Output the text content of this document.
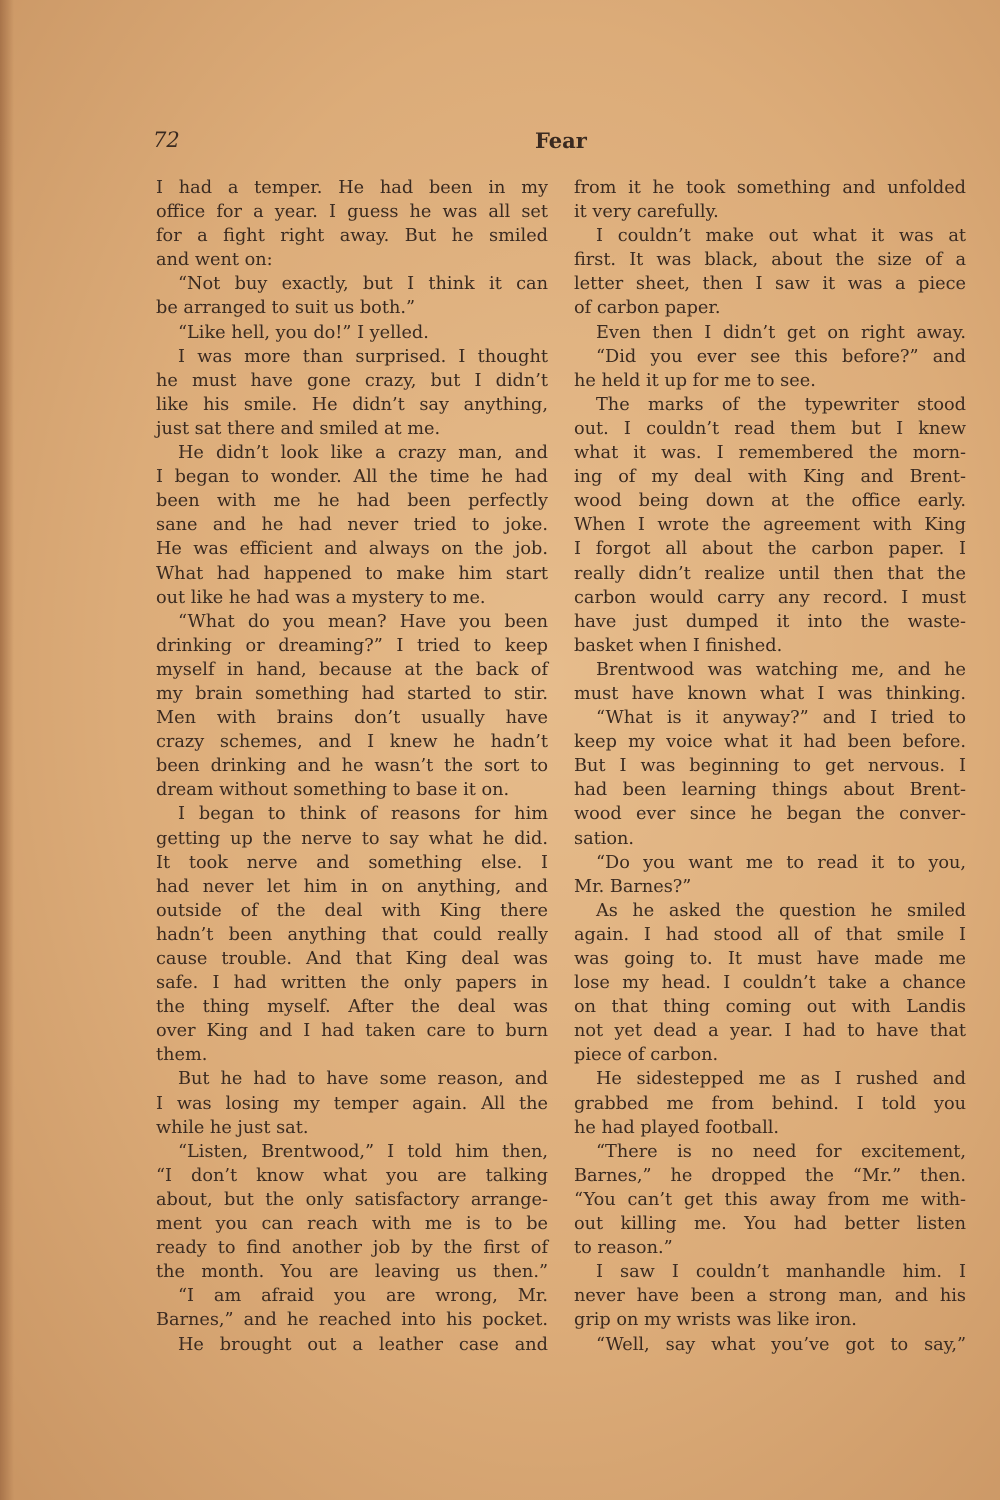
72	Fear
I had a temper. He had been in my
office for a year. I guess he was all set
for a fight right away. But he smiled
and went on:
“Not buy exactly, but I think it can
be arranged to suit us both.”
“Like hell, you do!” I yelled.
I was more than surprised. I thought
he must have gone crazy, but I didn’t
like his smile. He didn’t say anything,
just sat there and smiled at me.
He didn’t look like a crazy man, and
I began to wonder. All the time he had
been with me he had been perfectly
sane and he had never tried to joke.
He was efficient and always on the job.
What had happened to make him start
out like he had was a mystery to me.
“What do you mean? Have you been
drinking or dreaming?” I tried to keep
myself in hand, because at the back of
my brain something had started to stir.
Men with brains don’t usually have
crazy schemes, and I knew he hadn’t
been drinking and he wasn’t the sort to
dream without something to base it on.
I began to think of reasons for him
getting up the nerve to say what he did.
It took nerve and something else. I
had never let him in on anything, and
outside of the deal with King there
hadn’t been anything that could really
cause trouble. And that King deal was
safe. I had written the only papers in
the thing myself. After the deal was
over King and I had taken care to burn
them.
But he had to have some reason, and
I was losing my temper again. All the
while he just sat.
“Listen, Brentwood,” I told him then,
“I don’t know what you are talking
about, but the only satisfactory arrange-
ment you can reach with me is to be
ready to find another job by the first of
the month. You are leaving us then.”
“I am afraid you are wrong, Mr.
Barnes,” and he reached into his pocket.
He brought out a leather case and
from it he took something and unfolded
it very carefully.
I couldn’t make out what it was at
first. It was black, about the size of a
letter sheet, then I saw it was a piece
of carbon paper.
Even then I didn’t get on right away.
“Did you ever see this before?” and
he held it up for me to see.
The marks of the typewriter stood
out. I couldn’t read them but I knew
what it was. I remembered the morn-
ing of my deal with King and Brent-
wood being down at the office early.
When I wrote the agreement with King
I forgot all about the carbon paper. I
really didn’t realize until then that the
carbon would carry any record. I must
have just dumped it into the waste-
basket when I finished.
Brentwood was watching me, and he
must have known what I was thinking.
“What is it anyway?” and I tried to
keep my voice what it had been before.
But I was beginning to get nervous. I
had been learning things about Brent-
wood ever since he began the conver-
sation.
“Do you want me to read it to you,
Mr. Barnes?”
As he asked the question he smiled
again. I had stood all of that smile I
was going to. It must have made me
lose my head. I couldn’t take a chance
on that thing coming out with Landis
not yet dead a year. I had to have that
piece of carbon.
He sidestepped me as I rushed and
grabbed me from behind. I told you
he had played football.
“There is no need for excitement,
Barnes,” he dropped the “Mr.” then.
“You can’t get this away from me with-
out killing me. You had better listen
to reason.”
I saw I couldn’t manhandle him. I
never have been a strong man, and his
grip on my wrists was like iron.
“Well, say what you’ve got to say,”
